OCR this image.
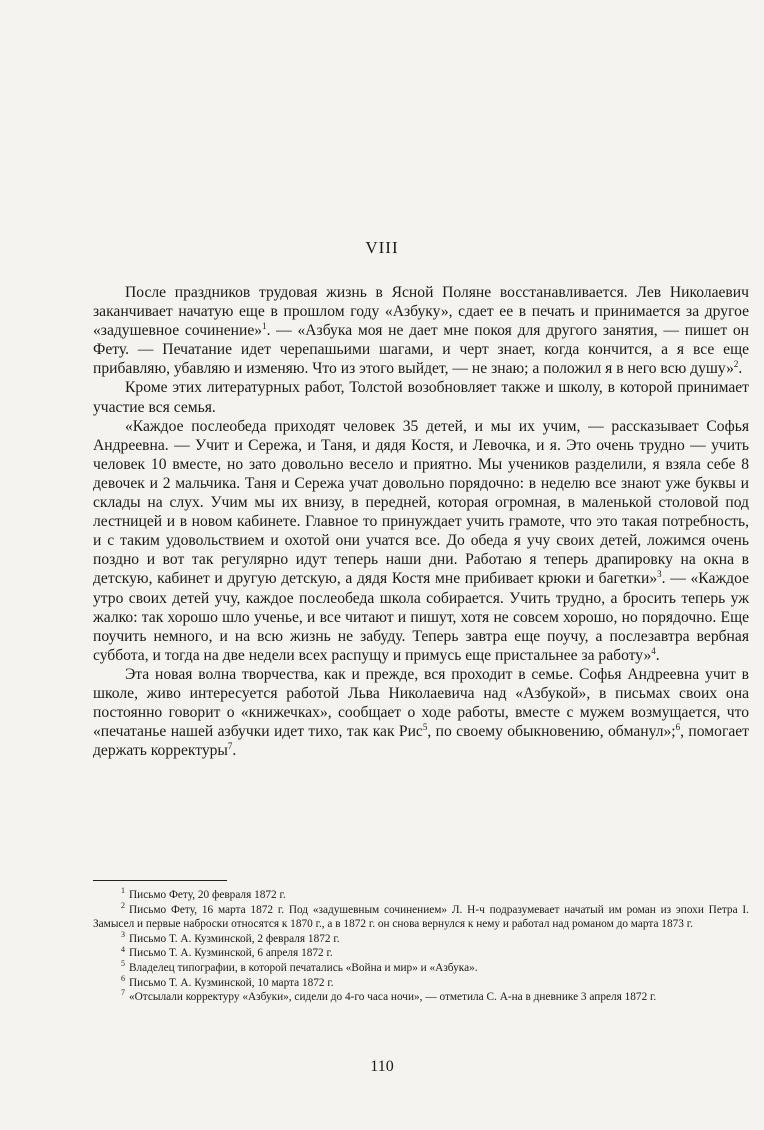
VIII

После праздников трудовая жизнь в Ясной Поляне восстанавливается. Лев Николаевич заканчивает начатую еще в прошлом году «Азбуку», сдает ее в печать и принимается за другое «задушевное сочинение»$^1$. — «Азбука моя не дает мне покоя для другого занятия, — пишет он Фету. — Печатание идет черепашьими шагами, и черт знает, когда кончится, а я все еще прибавляю, убавляю и изменяю. Что из этого выйдет, — не знаю; а положил я в него всю душу»$^2$.

Кроме этих литературных работ, Толстой возобновляет также и школу, в которой принимает участие вся семья.

«Каждое послеобеда приходят человек 35 детей, и мы их учим, — рассказывает Софья Андреевна. — Учит и Сережа, и Таня, и дядя Костя, и Левочка, и я. Это очень трудно — учить человек 10 вместе, но зато довольно весело и приятно. Мы учеников разделили, я взяла себе 8 девочек и 2 мальчика. Таня и Сережа учат довольно порядочно: в неделю все знают уже буквы и склады на слух. Учим мы их внизу, в передней, которая огромная, в маленькой столовой под лестницей и в новом кабинете. Главное то принуждает учить грамоте, что это такая потребность, и с таким удовольствием и охотой они учатся все. До обеда я учу своих детей, ложимся очень поздно и вот так регулярно идут теперь наши дни. Работаю я теперь драпировку на окна в детскую, кабинет и другую детскую, а дядя Костя мне прибивает крюки и багетки»$^3$. — «Каждое утро своих детей учу, каждое послеобеда школа собирается. Учить трудно, а бросить теперь уж жалко: так хорошо шло ученье, и все читают и пишут, хотя не совсем хорошо, но порядочно. Еще поучить немного, и на всю жизнь не забуду. Теперь завтра еще поучу, а послезавтра вербная суббота, и тогда на две недели всех распущу и примусь еще пристальнее за работу»$^4$.

Эта новая волна творчества, как и прежде, вся проходит в семье. Софья Андреевна учит в школе, живо интересуется работой Льва Николаевича над «Азбукой», в письмах своих она постоянно говорит о «книжечках», сообщает о ходе работы, вместе с мужем возмущается, что «печатанье нашей азбучки идет тихо, так как Рис$^5$, по своему обыкновению, обманул»;$^6$, помогает держать корректуры$^7$.

$^1$ Письмо Фету, 20 февраля 1872 г.

$^2$ Письмо Фету, 16 марта 1872 г. Под «задушевным сочинением» Л. Н-ч подразумевает начатый им роман из эпохи Петра I. Замысел и первые наброски относятся к 1870 г., а в 1872 г. он снова вернулся к нему и работал над романом до марта 1873 г.

$^3$ Письмо Т. А. Кузминской, 2 февраля 1872 г.

$^4$ Письмо Т. А. Кузминской, 6 апреля 1872 г.

$^5$ Владелец типографии, в которой печатались «Война и мир» и «Азбука».

$^6$ Письмо Т. А. Кузминской, 10 марта 1872 г.

$^7$ «Отсылали корректуру «Азбуки», сидели до 4-го часа ночи», — отметила С. А-на в дневнике 3 апреля 1872 г.

110
